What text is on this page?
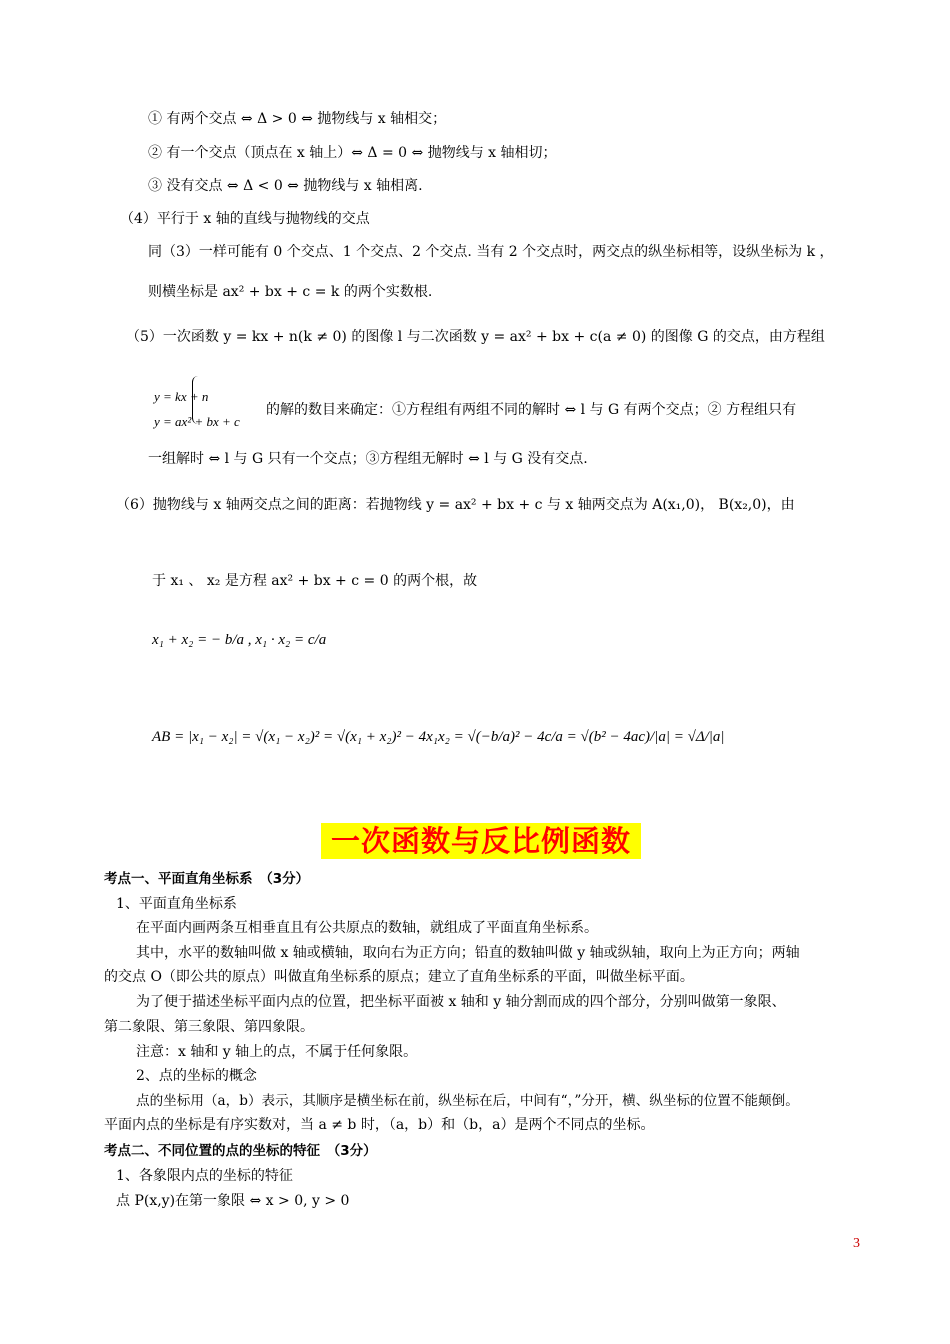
① 有两个交点 ⇔ Δ > 0 ⇔ 抛物线与 x 轴相交；
② 有一个交点（顶点在 x 轴上）⇔ Δ = 0 ⇔ 抛物线与 x 轴相切；
③ 没有交点 ⇔ Δ < 0 ⇔ 抛物线与 x 轴相离.
（4）平行于 x 轴的直线与抛物线的交点
同（3）一样可能有 0 个交点、1 个交点、2 个交点. 当有 2 个交点时，两交点的纵坐标相等，设纵坐标为 k ，
则横坐标是 ax² + bx + c = k 的两个实数根.
（5）一次函数 y = kx + n(k ≠ 0) 的图像 l 与二次函数 y = ax² + bx + c(a ≠ 0) 的图像 G 的交点，由方程组
y = kx + n
y = ax² + bx + c
的解的数目来确定：①方程组有两组不同的解时 ⇔ l 与 G 有两个交点；② 方程组只有
一组解时 ⇔ l 与 G 只有一个交点；③方程组无解时 ⇔ l 与 G 没有交点.
（6）抛物线与 x 轴两交点之间的距离：若抛物线 y = ax² + bx + c 与 x 轴两交点为 A(x₁,0)， B(x₂,0)，由
于 x₁ 、 x₂ 是方程 ax² + bx + c = 0 的两个根，故
x₁ + x₂ = − b/a , x₁ · x₂ = c/a
AB = |x₁ − x₂| = √(x₁ − x₂)² = √(x₁ + x₂)² − 4x₁x₂ = √(−b/a)² − 4c/a = √(b² − 4ac)/|a| = √Δ/|a|
一次函数与反比例函数
考点一、平面直角坐标系　（3分）
1、平面直角坐标系
在平面内画两条互相垂直且有公共原点的数轴，就组成了平面直角坐标系。
其中，水平的数轴叫做 x 轴或横轴，取向右为正方向；铅直的数轴叫做 y 轴或纵轴，取向上为正方向；两轴
的交点 O（即公共的原点）叫做直角坐标系的原点；建立了直角坐标系的平面，叫做坐标平面。
为了便于描述坐标平面内点的位置，把坐标平面被 x 轴和 y 轴分割而成的四个部分，分别叫做第一象限、
第二象限、第三象限、第四象限。
注意：x 轴和 y 轴上的点，不属于任何象限。
2、点的坐标的概念
点的坐标用（a，b）表示，其顺序是横坐标在前，纵坐标在后，中间有“，”分开，横、纵坐标的位置不能颠倒。
平面内点的坐标是有序实数对，当 a ≠ b 时，（a，b）和（b，a）是两个不同点的坐标。
考点二、不同位置的点的坐标的特征　（3分）
1、各象限内点的坐标的特征
点 P(x,y)在第一象限 ⇔ x > 0, y > 0
3
